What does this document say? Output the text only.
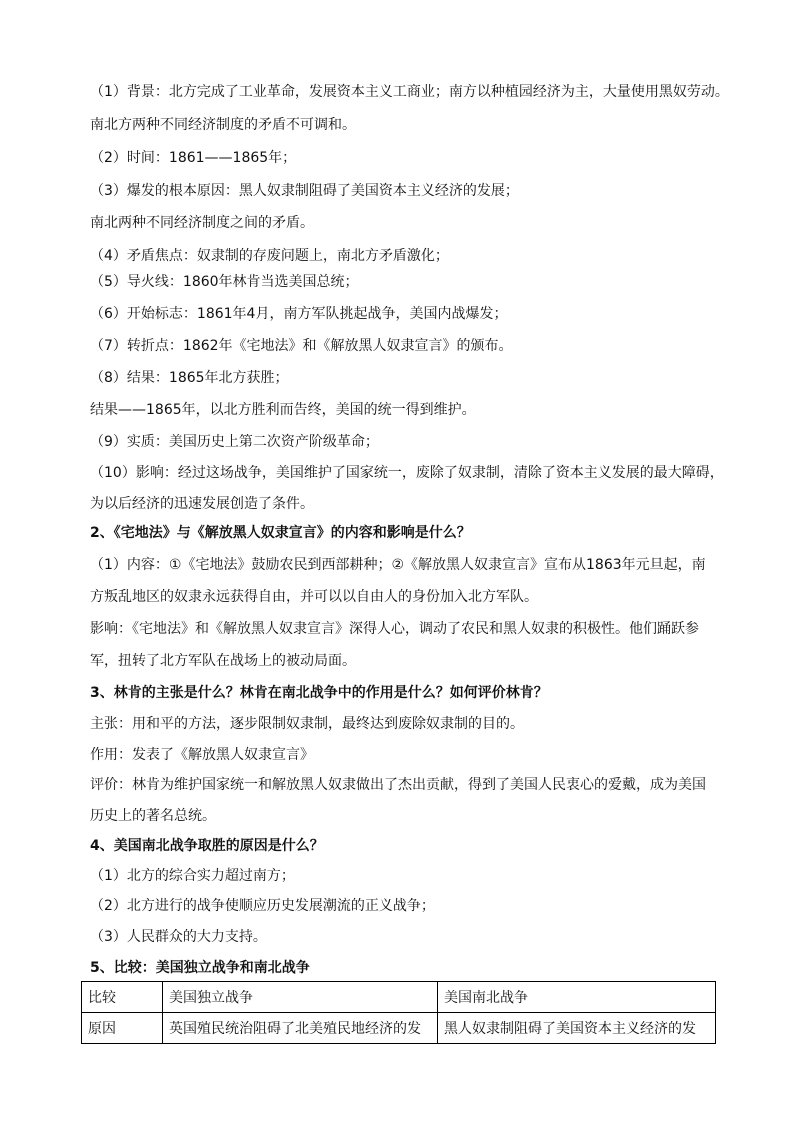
（1）背景：北方完成了工业革命，发展资本主义工商业；南方以种植园经济为主，大量使用黑奴劳动。
南北方两种不同经济制度的矛盾不可调和。
（2）时间：1861——1865年；
（3）爆发的根本原因：黑人奴隶制阻碍了美国资本主义经济的发展；
南北两种不同经济制度之间的矛盾。
（4）矛盾焦点：奴隶制的存废问题上，南北方矛盾激化；
（5）导火线：1860年林肯当选美国总统；
（6）开始标志：1861年4月，南方军队挑起战争，美国内战爆发；
（7）转折点：1862年《宅地法》和《解放黑人奴隶宣言》的颁布。
（8）结果：1865年北方获胜；
结果——1865年，以北方胜利而告终，美国的统一得到维护。
（9）实质：美国历史上第二次资产阶级革命；
（10）影响：经过这场战争，美国维护了国家统一，废除了奴隶制，清除了资本主义发展的最大障碍，
为以后经济的迅速发展创造了条件。
2、《宅地法》与《解放黑人奴隶宣言》的内容和影响是什么？
（1）内容：①《宅地法》鼓励农民到西部耕种；②《解放黑人奴隶宣言》宣布从1863年元旦起，南
方叛乱地区的奴隶永远获得自由，并可以以自由人的身份加入北方军队。
影响：《宅地法》和《解放黑人奴隶宣言》深得人心，调动了农民和黑人奴隶的积极性。他们踊跃参
军，扭转了北方军队在战场上的被动局面。
3、林肯的主张是什么？林肯在南北战争中的作用是什么？如何评价林肯？
主张：用和平的方法，逐步限制奴隶制，最终达到废除奴隶制的目的。
作用：发表了《解放黑人奴隶宣言》
评价：林肯为维护国家统一和解放黑人奴隶做出了杰出贡献，得到了美国人民衷心的爱戴，成为美国
历史上的著名总统。
4、美国南北战争取胜的原因是什么？
（1）北方的综合实力超过南方；
（2）北方进行的战争使顺应历史发展潮流的正义战争；
（3）人民群众的大力支持。
5、比较：美国独立战争和南北战争
比较	美国独立战争	美国南北战争
原因	英国殖民统治阻碍了北美殖民地经济的发	黑人奴隶制阻碍了美国资本主义经济的发
